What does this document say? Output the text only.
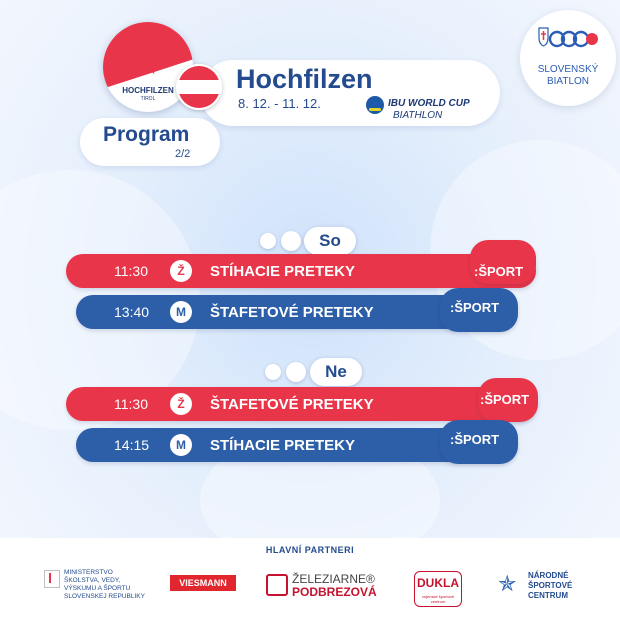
★
HOCHFILZEN
TIROL
Hochfilzen
8. 12. - 11. 12.	IBU WORLD CUP
BIATHLON
Program
2/2
SLOVENSKÝ
BIATLON
So
11:30	Ž	STÍHACIE PRETEKY	:ŠPORT
13:40	M	ŠTAFETOVÉ PRETEKY	:ŠPORT
Ne
11:30	Ž	ŠTAFETOVÉ PRETEKY	:ŠPORT
14:15	M	STÍHACIE PRETEKY	:ŠPORT
HLAVNÍ PARTNERI
MINISTERSTVO
ŠKOLSTVA, VEDY,
VÝSKUMU A ŠPORTU
SLOVENSKEJ REPUBLIKY
VIESMANN	ŽELEZIARNE®
PODBREZOVÁ
DUKLA
vojenské športové centrum
✯ NÁRODNÉ
ŠPORTOVÉ
CENTRUM
